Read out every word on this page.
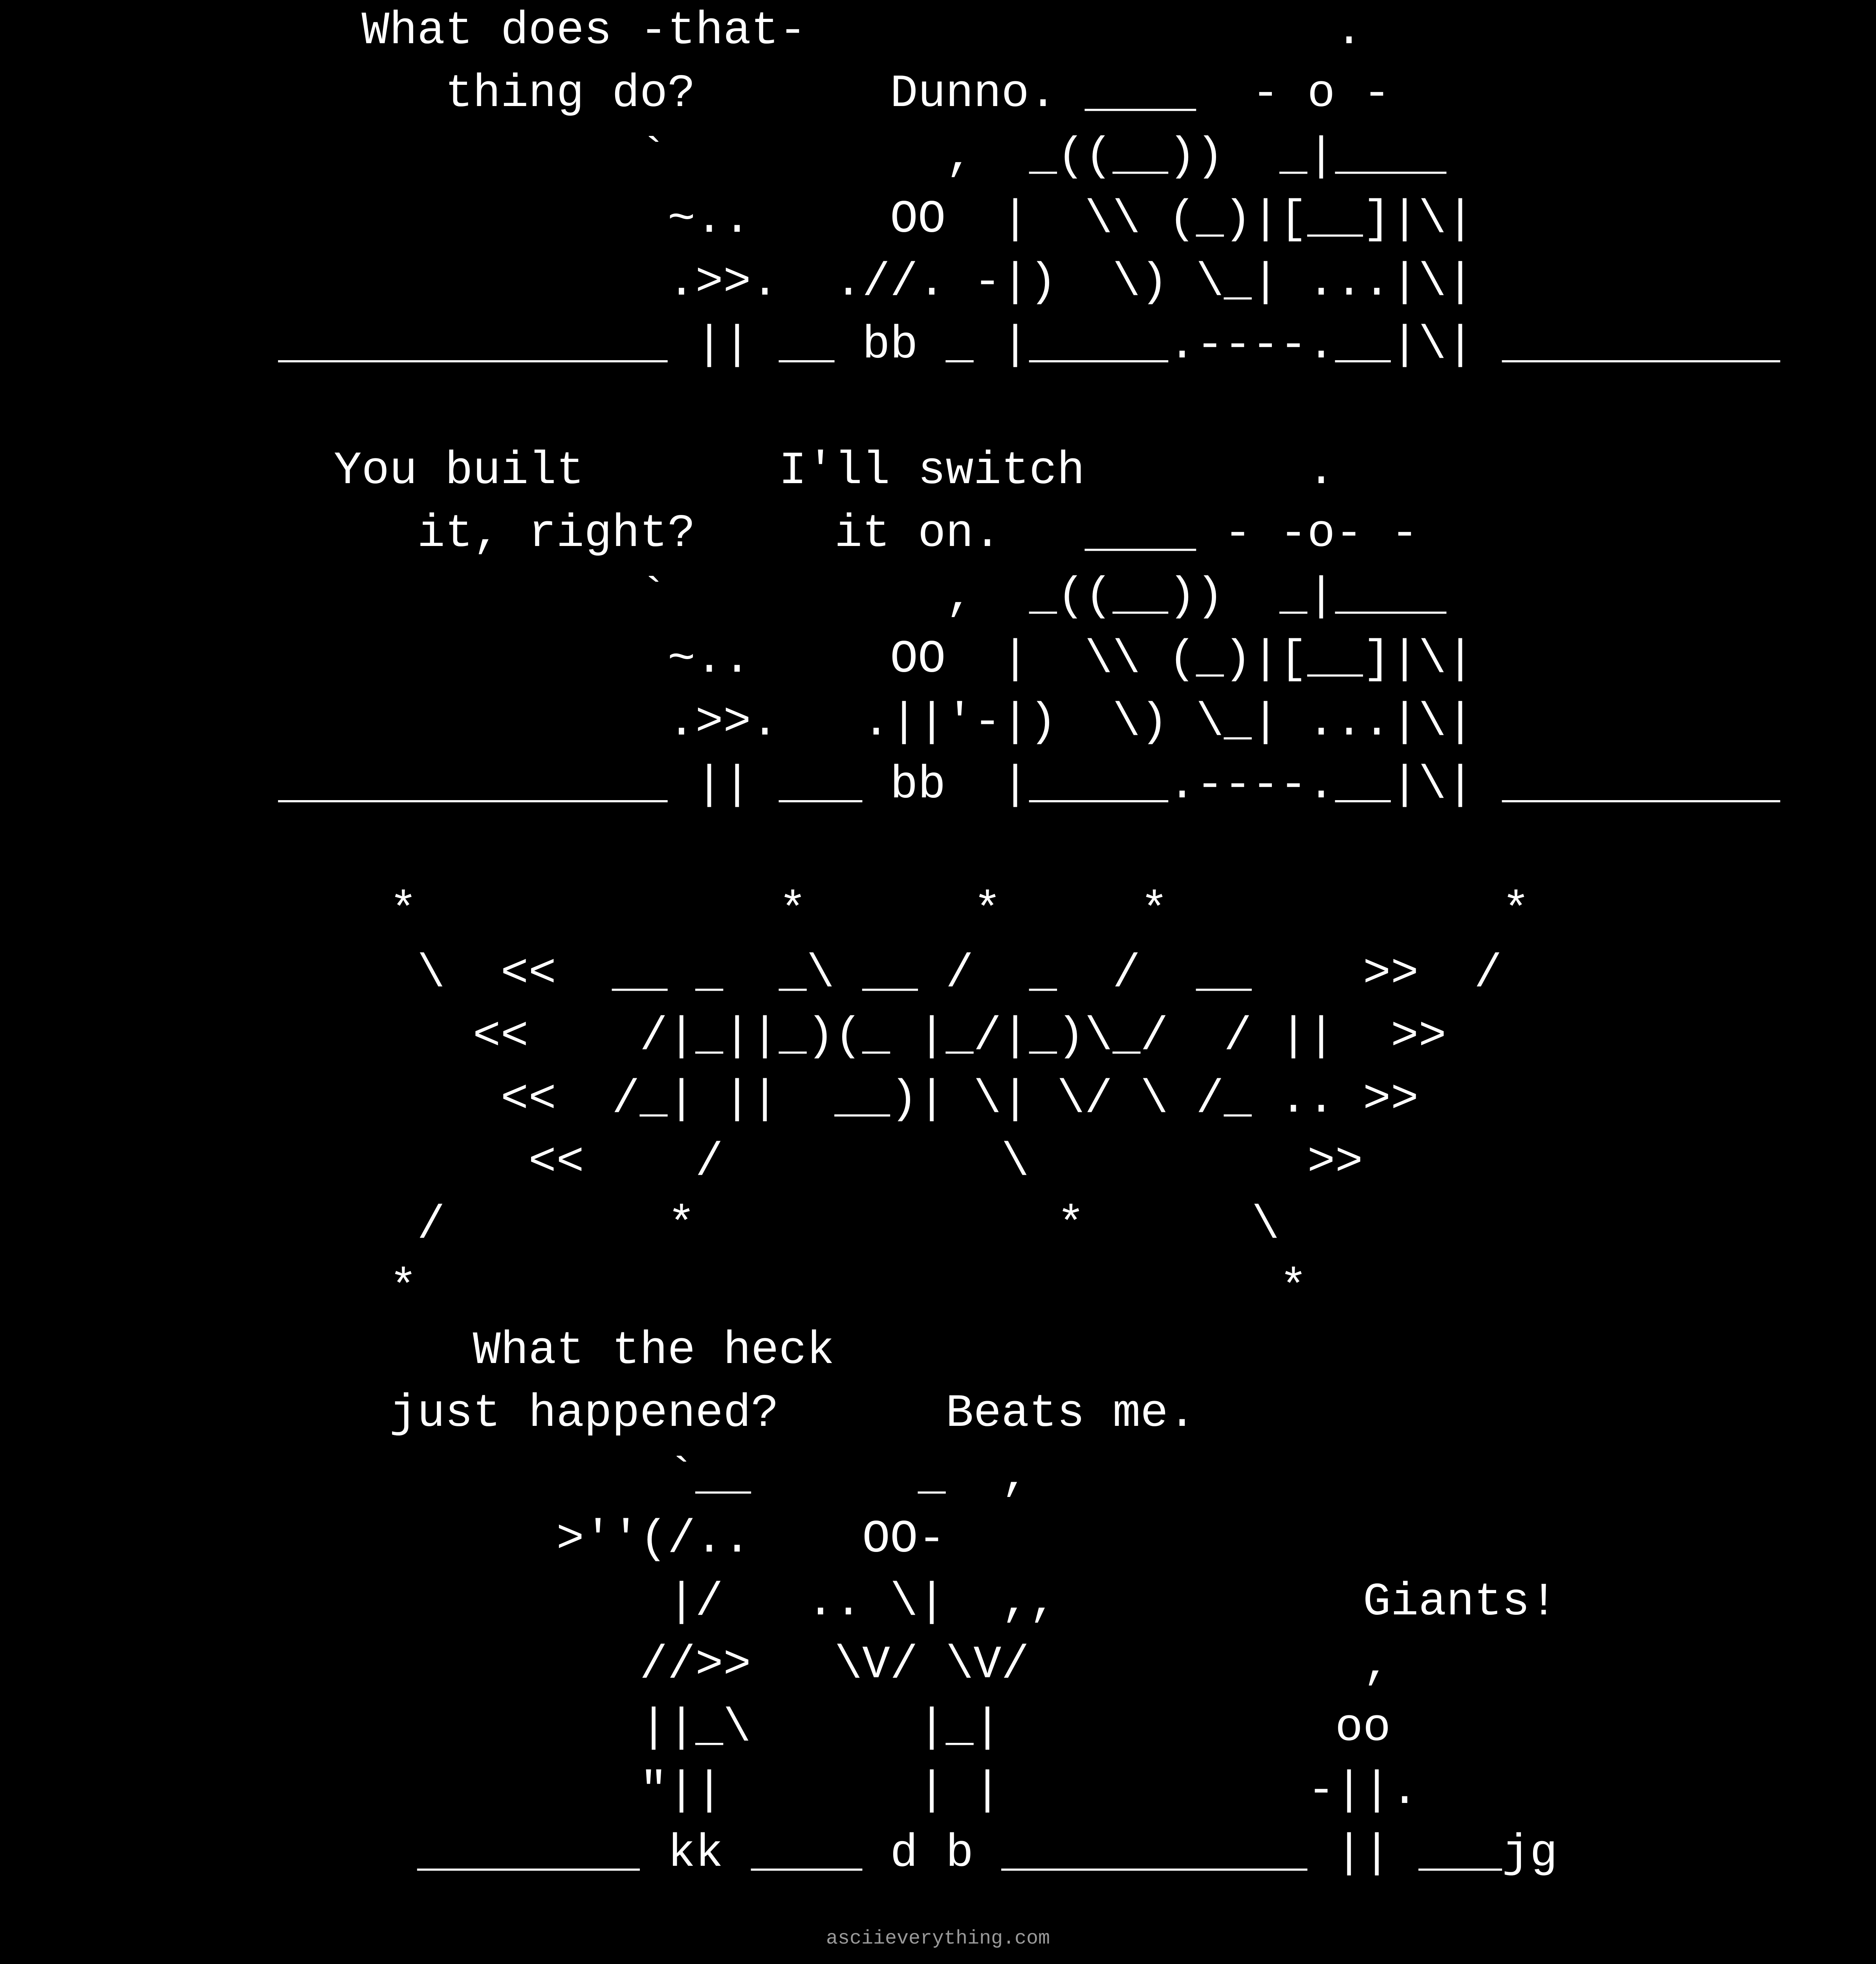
What does -that-                   .
thing do?       Dunno. ____  - o -
`          ,  _((__))  _|____
~..     OO  |  \\ (_)|[__]|\|
.>>.  .//. -|)  \) \_| ...|\|
______________ || __ bb _ |_____.----.__|\| __________
You built       I'll switch        .
it, right?     it on.   ____ - -o- -
`          ,  _((__))  _|____
~..     OO  |  \\ (_)|[__]|\|
.>>.   .||'-|)  \) \_| ...|\|
______________ || ___ bb  |_____.----.__|\| __________
*             *      *     *            *
\  <<  __ _  _\ __ /  _  /  __    >>  /
<<    /|_||_)(_ |_/|_)\_/  / ||  >>
<<  /_| ||  __)| \| \/ \ /_ .. >>
<<    /          \          >>
/        *             *      \
*                               *
What the heck
just happened?      Beats me.
`__      _  ,
>''(/..    OO-
|/   .. \|  ,,           Giants!
//>>   \V/ \V/            ,
||_\      |_|            oo
"||       | |           -||.
________ kk ____ d b ___________ || ___jg
asciieverything.com
